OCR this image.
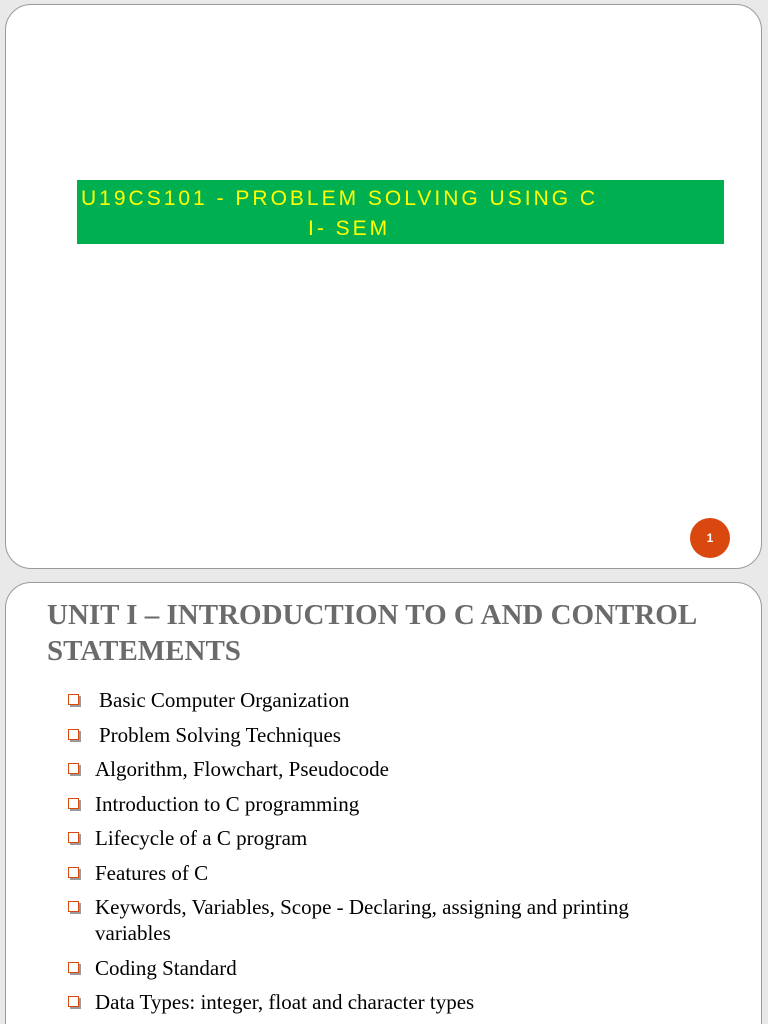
U19CS101 - PROBLEM SOLVING USING C
I- SEM
1
UNIT I – INTRODUCTION TO C AND CONTROL STATEMENTS
Basic Computer Organization
Problem Solving Techniques
Algorithm, Flowchart, Pseudocode
Introduction to C programming
Lifecycle of a C program
Features of C
Keywords, Variables, Scope - Declaring, assigning and printing variables
Coding Standard
Data Types: integer, float and character types
